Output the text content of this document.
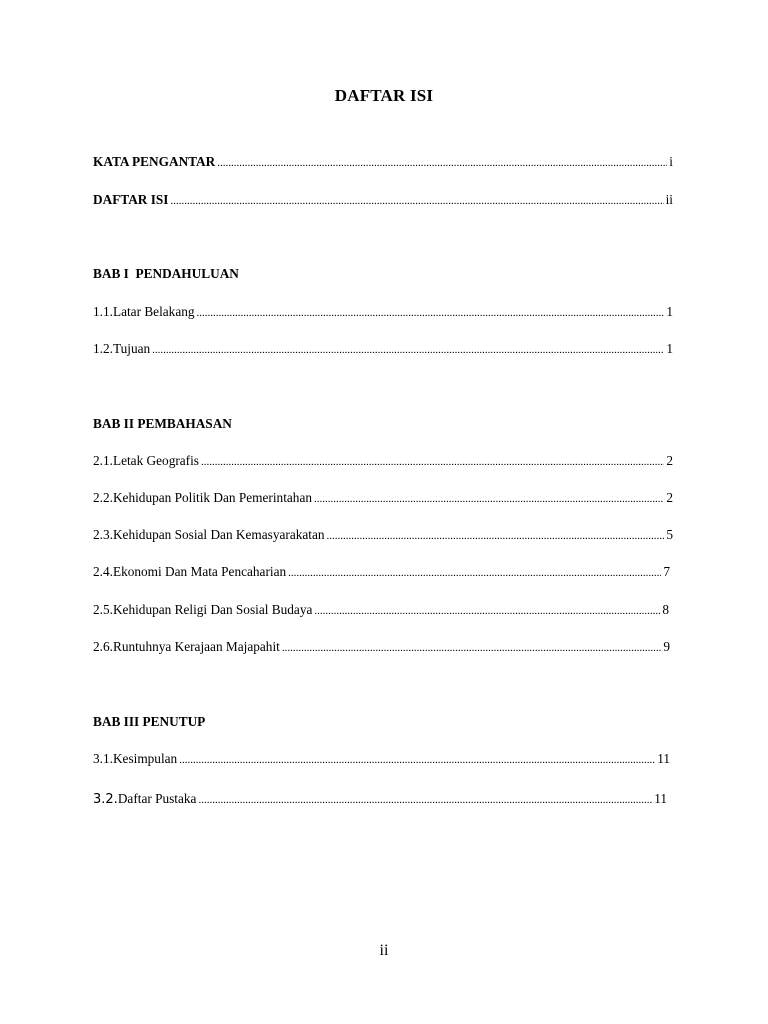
DAFTAR ISI
KATA PENGANTAR .....	i
DAFTAR ISI .....	ii
BAB I  PENDAHULUAN
1.1.Latar Belakang .....	1
1.2.Tujuan .....	1
BAB II PEMBAHASAN
2.1.Letak Geografis .....	2
2.2.Kehidupan Politik Dan Pemerintahan .....	2
2.3.Kehidupan Sosial Dan Kemasyarakatan .....	5
2.4.Ekonomi Dan Mata Pencaharian .....	7
2.5.Kehidupan Religi Dan Sosial Budaya .....	8
2.6.Runtuhnya Kerajaan Majapahit .....	9
BAB III PENUTUP
3.1.Kesimpulan .....	11
3.2.Daftar Pustaka .....	11
ii
